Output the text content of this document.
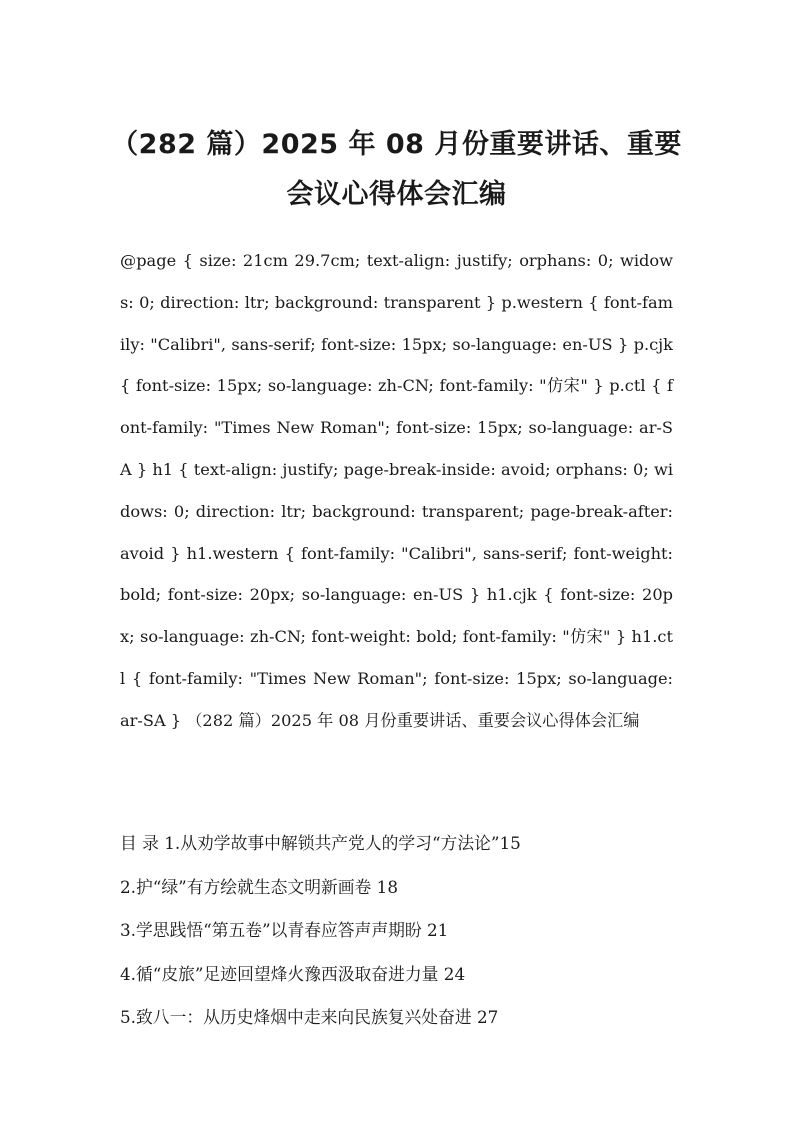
（282 篇）2025 年 08 月份重要讲话、重要
会议心得体会汇编

@page { size: 21cm 29.7cm; text-align: justify; orphans: 0; widows: 0; direction: ltr; background: transparent } p.western { font-family: "Calibri", sans-serif; font-size: 15px; so-language: en-US } p.cjk { font-size: 15px; so-language: zh-CN; font-family: "仿宋" } p.ctl { font-family: "Times New Roman"; font-size: 15px; so-language: ar-SA } h1 { text-align: justify; page-break-inside: avoid; orphans: 0; widows: 0; direction: ltr; background: transparent; page-break-after: avoid } h1.western { font-family: "Calibri", sans-serif; font-weight: bold; font-size: 20px; so-language: en-US } h1.cjk { font-size: 20px; so-language: zh-CN; font-weight: bold; font-family: "仿宋" } h1.ctl { font-family: "Times New Roman"; font-size: 15px; so-language: ar-SA } （282 篇）2025 年 08 月份重要讲话、重要会议心得体会汇编

目 录 1.从劝学故事中解锁共产党人的学习“方法论”15
2.护“绿”有方绘就生态文明新画卷 18
3.学思践悟“第五卷”以青春应答声声期盼 21
4.循“皮旅”足迹回望烽火豫西汲取奋进力量 24
5.致八一：从历史烽烟中走来向民族复兴处奋进 27
